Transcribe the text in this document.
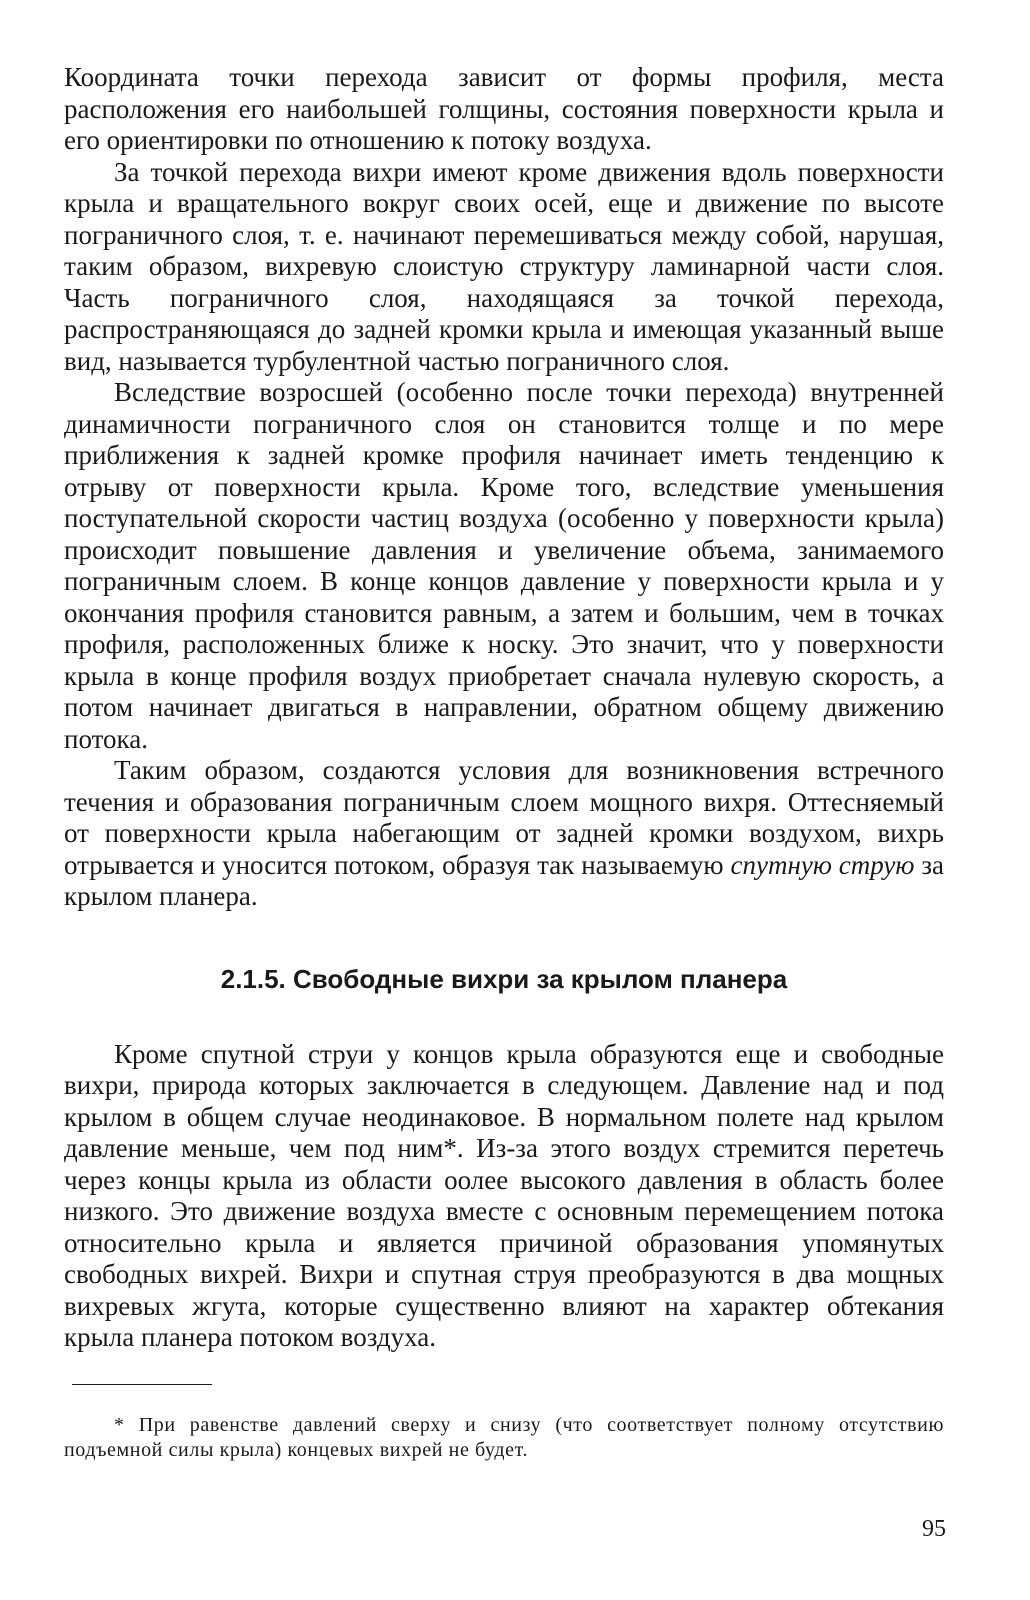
Координата точки перехода зависит от формы профиля, места расположения его наибольшей голщины, состояния поверхности крыла и его ориентировки по отношению к потоку воздуха.

За точкой перехода вихри имеют кроме движения вдоль поверхности крыла и вращательного вокруг своих осей, еще и движение по высоте пограничного слоя, т. е. начинают перемешиваться между собой, нарушая, таким образом, вихревую слоистую структуру ламинарной части слоя. Часть пограничного слоя, находящаяся за точкой перехода, распространяющаяся до задней кромки крыла и имеющая указанный выше вид, называется турбулентной частью пограничного слоя.

Вследствие возросшей (особенно после точки перехода) внутренней динамичности пограничного слоя он становится толще и по мере приближения к задней кромке профиля начинает иметь тенденцию к отрыву от поверхности крыла. Кроме того, вследствие уменьшения поступательной скорости частиц воздуха (особенно у поверхности крыла) происходит повышение давления и увеличение объема, занимаемого пограничным слоем. В конце концов давление у поверхности крыла и у окончания профиля становится равным, а затем и большим, чем в точках профиля, расположенных ближе к носку. Это значит, что у поверхности крыла в конце профиля воздух приобретает сначала нулевую скорость, а потом начинает двигаться в направлении, обратном общему движению потока.

Таким образом, создаются условия для возникновения встречного течения и образования пограничным слоем мощного вихря. Оттесняемый от поверхности крыла набегающим от задней кромки воздухом, вихрь отрывается и уносится потоком, образуя так называемую спутную струю за крылом планера.

2.1.5. Свободные вихри за крылом планера

Кроме спутной струи у концов крыла образуются еще и свободные вихри, природа которых заключается в следующем. Давление над и под крылом в общем случае неодинаковое. В нормальном полете над крылом давление меньше, чем под ним*. Из-за этого воздух стремится перетечь через концы крыла из области оолее высокого давления в область более низкого. Это движение воздуха вместе с основным перемещением потока относительно крыла и является причиной образования упомянутых свободных вихрей. Вихри и спутная струя преобразуются в два мощных вихревых жгута, которые существенно влияют на характер обтекания крыла планера потоком воздуха.

* При равенстве давлений сверху и снизу (что соответствует полному отсутствию подъемной силы крыла) концевых вихрей не будет.

95
